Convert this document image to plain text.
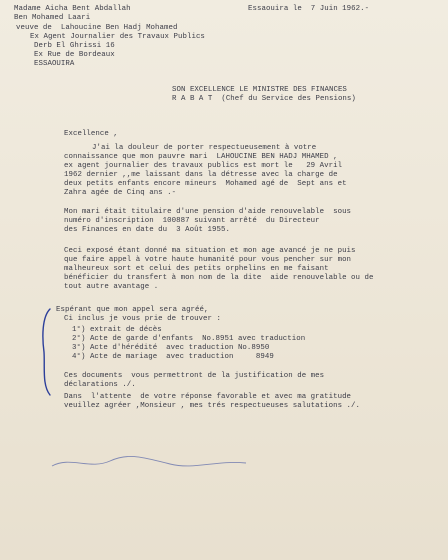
Madame Aicha Bent Abdallah
Ben Mohamed Laari
veuve de  Lahoucine Ben Hadj Mohamed
Ex Agent Journalier des Travaux Publics
Derb El Ghrissi 16
Ex Rue de Bordeaux
ESSAOUIRA
Essaouira le  7 Juin 1962.-
SON EXCELLENCE LE MINISTRE DES FINANCES
R A B A T  (Chef du Service des Pensions)
Excellence ,
J'ai la douleur de porter respectueusement à votre
connaissance que mon pauvre mari  LAHOUCINE BEN HADJ MHAMED ,
ex agent journalier des travaux publics est mort le   29 Avril
1962 dernier ,,me laissant dans la détresse avec la charge de
deux petits enfants encore mineurs  Mohamed agé de  Sept ans et
Zahra agée de Cinq ans .-
Mon mari était titulaire d'une pension d'aide renouvelable  sous
numéro d'inscription  100887 suivant arrêté  du Directeur
des Finances en date du  3 Août 1955.
Ceci exposé étant donné ma situation et mon age avancé je ne puis
que faire appel à votre haute humanité pour vous pencher sur mon
malheureux sort et celui des petits orphelins en me faisant
bénéficier du transfert à mon nom de la dite  aide renouvelable ou de
tout autre avantage .
Espérant que mon appel sera agréé,
Ci inclus je vous prie de trouver :
1°) extrait de décès
2°) Acte de garde d'enfants  No.8951 avec traduction
3°) Acte d'hérédité  avec traduction No.8950
4°) Acte de mariage  avec traduction     8949
Ces documents  vous permettront de la justification de mes
déclarations ./.
Dans  l'attente  de votre réponse favorable et avec ma gratitude
veuillez agréer ,Monsieur , mes trés respectueuses salutations ./.
